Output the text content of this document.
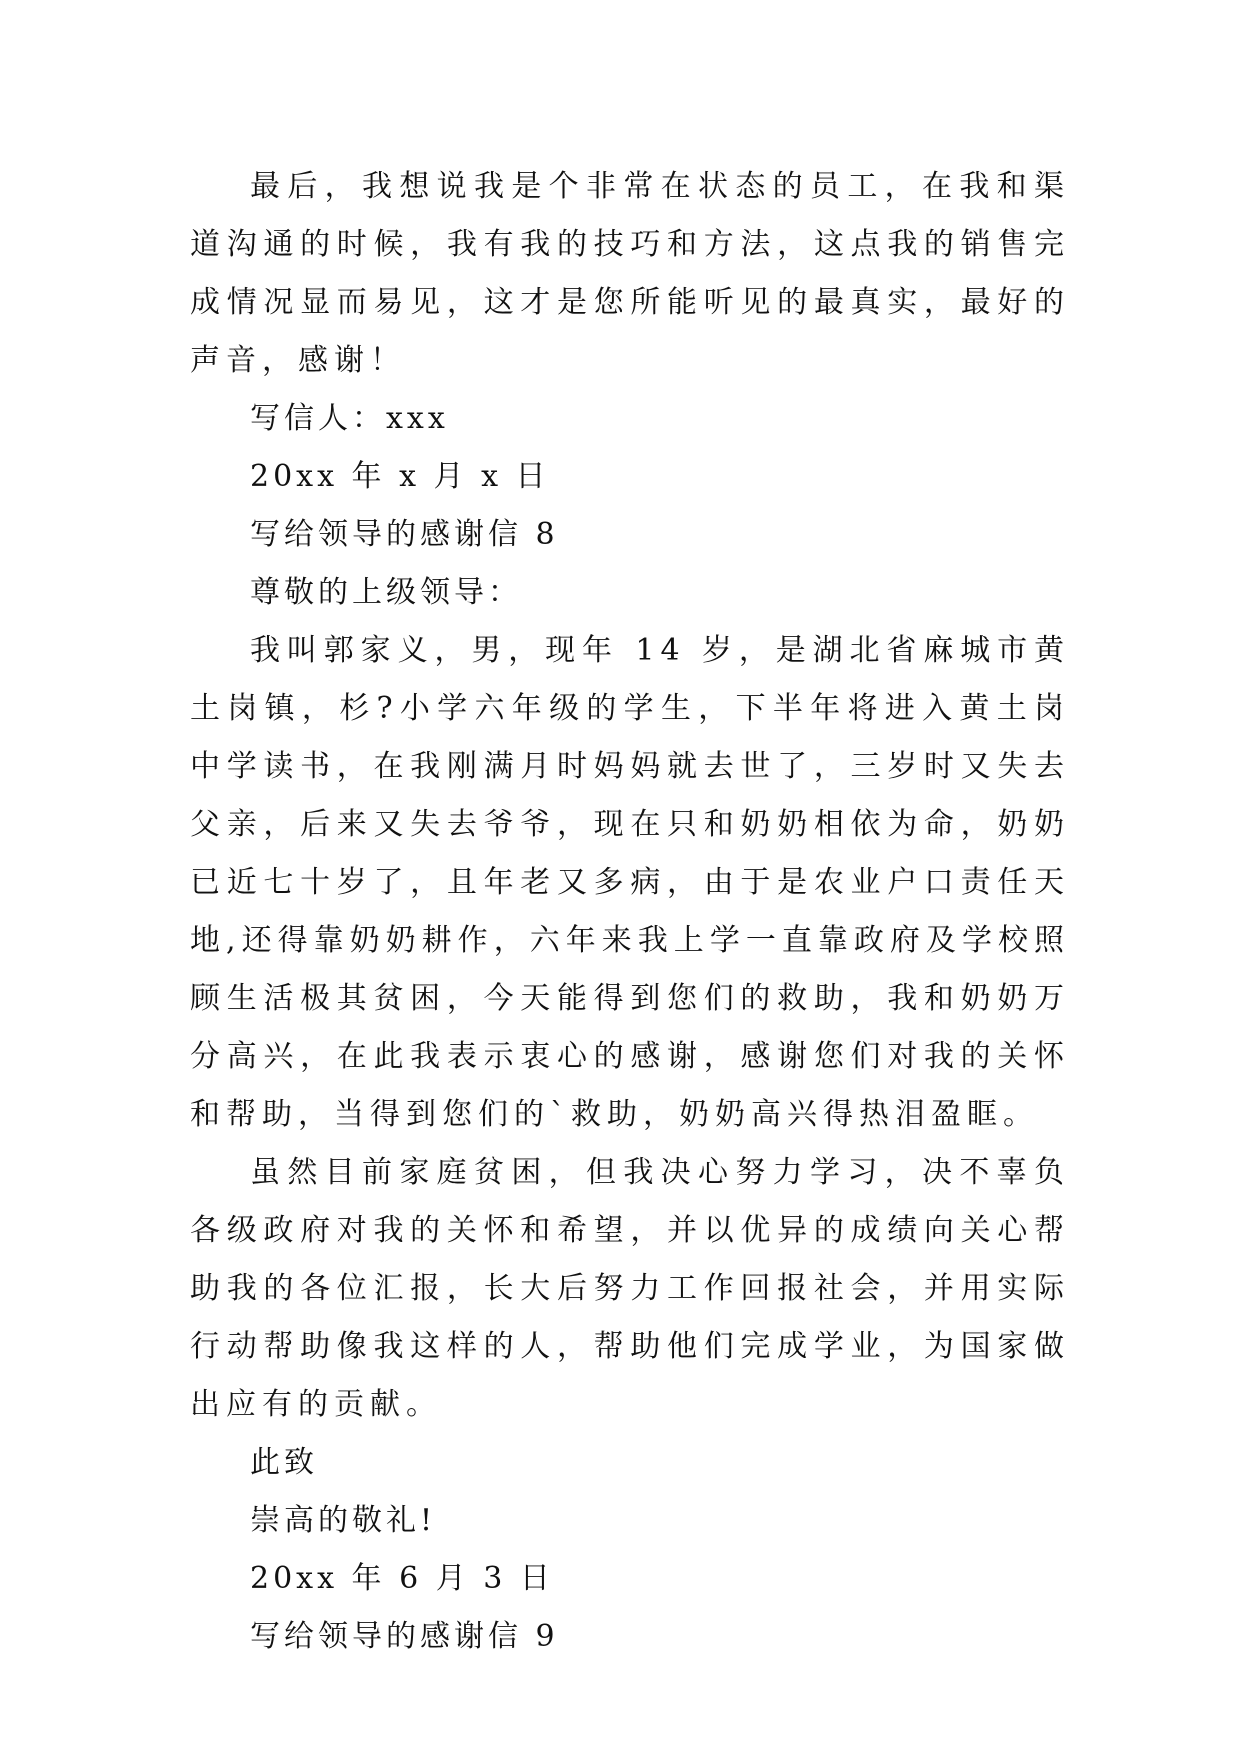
最后，我想说我是个非常在状态的员工，在我和渠道沟通的时候，我有我的技巧和方法，这点我的销售完成情况显而易见，这才是您所能听见的最真实，最好的声音，感谢！

写信人：xxx

20xx 年 x 月 x 日

写给领导的感谢信 8

尊敬的上级领导：

我叫郭家义，男，现年 14 岁，是湖北省麻城市黄土岗镇，杉?小学六年级的学生，下半年将进入黄土岗中学读书，在我刚满月时妈妈就去世了，三岁时又失去父亲，后来又失去爷爷，现在只和奶奶相依为命，奶奶已近七十岁了，且年老又多病，由于是农业户口责任天地,还得靠奶奶耕作，六年来我上学一直靠政府及学校照顾生活极其贫困，今天能得到您们的救助，我和奶奶万分高兴，在此我表示衷心的感谢，感谢您们对我的关怀和帮助，当得到您们的`救助，奶奶高兴得热泪盈眶。

虽然目前家庭贫困，但我决心努力学习，决不辜负各级政府对我的关怀和希望，并以优异的成绩向关心帮助我的各位汇报，长大后努力工作回报社会，并用实际行动帮助像我这样的人，帮助他们完成学业，为国家做出应有的贡献。

此致

崇高的敬礼!

20xx 年 6 月 3 日

写给领导的感谢信 9
